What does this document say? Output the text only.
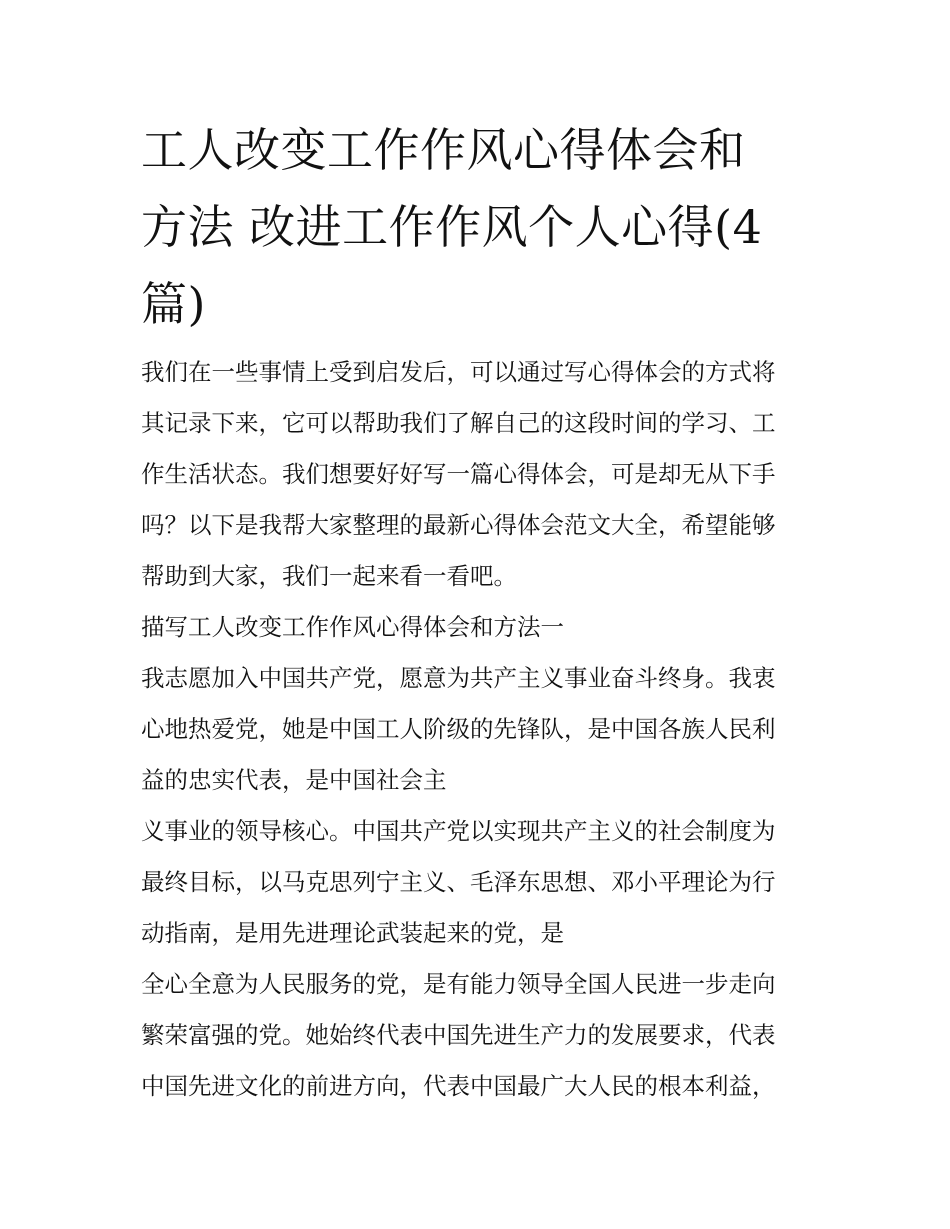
工人改变工作作风心得体会和
方法 改进工作作风个人心得(4
篇)
我们在一些事情上受到启发后，可以通过写心得体会的方式将
其记录下来，它可以帮助我们了解自己的这段时间的学习、工
作生活状态。我们想要好好写一篇心得体会，可是却无从下手
吗？以下是我帮大家整理的最新心得体会范文大全，希望能够
帮助到大家，我们一起来看一看吧。
描写工人改变工作作风心得体会和方法一
我志愿加入中国共产党，愿意为共产主义事业奋斗终身。我衷
心地热爱党，她是中国工人阶级的先锋队，是中国各族人民利
益的忠实代表，是中国社会主
义事业的领导核心。中国共产党以实现共产主义的社会制度为
最终目标，以马克思列宁主义、毛泽东思想、邓小平理论为行
动指南，是用先进理论武装起来的党，是
全心全意为人民服务的党，是有能力领导全国人民进一步走向
繁荣富强的党。她始终代表中国先进生产力的发展要求，代表
中国先进文化的前进方向，代表中国最广大人民的根本利益，
